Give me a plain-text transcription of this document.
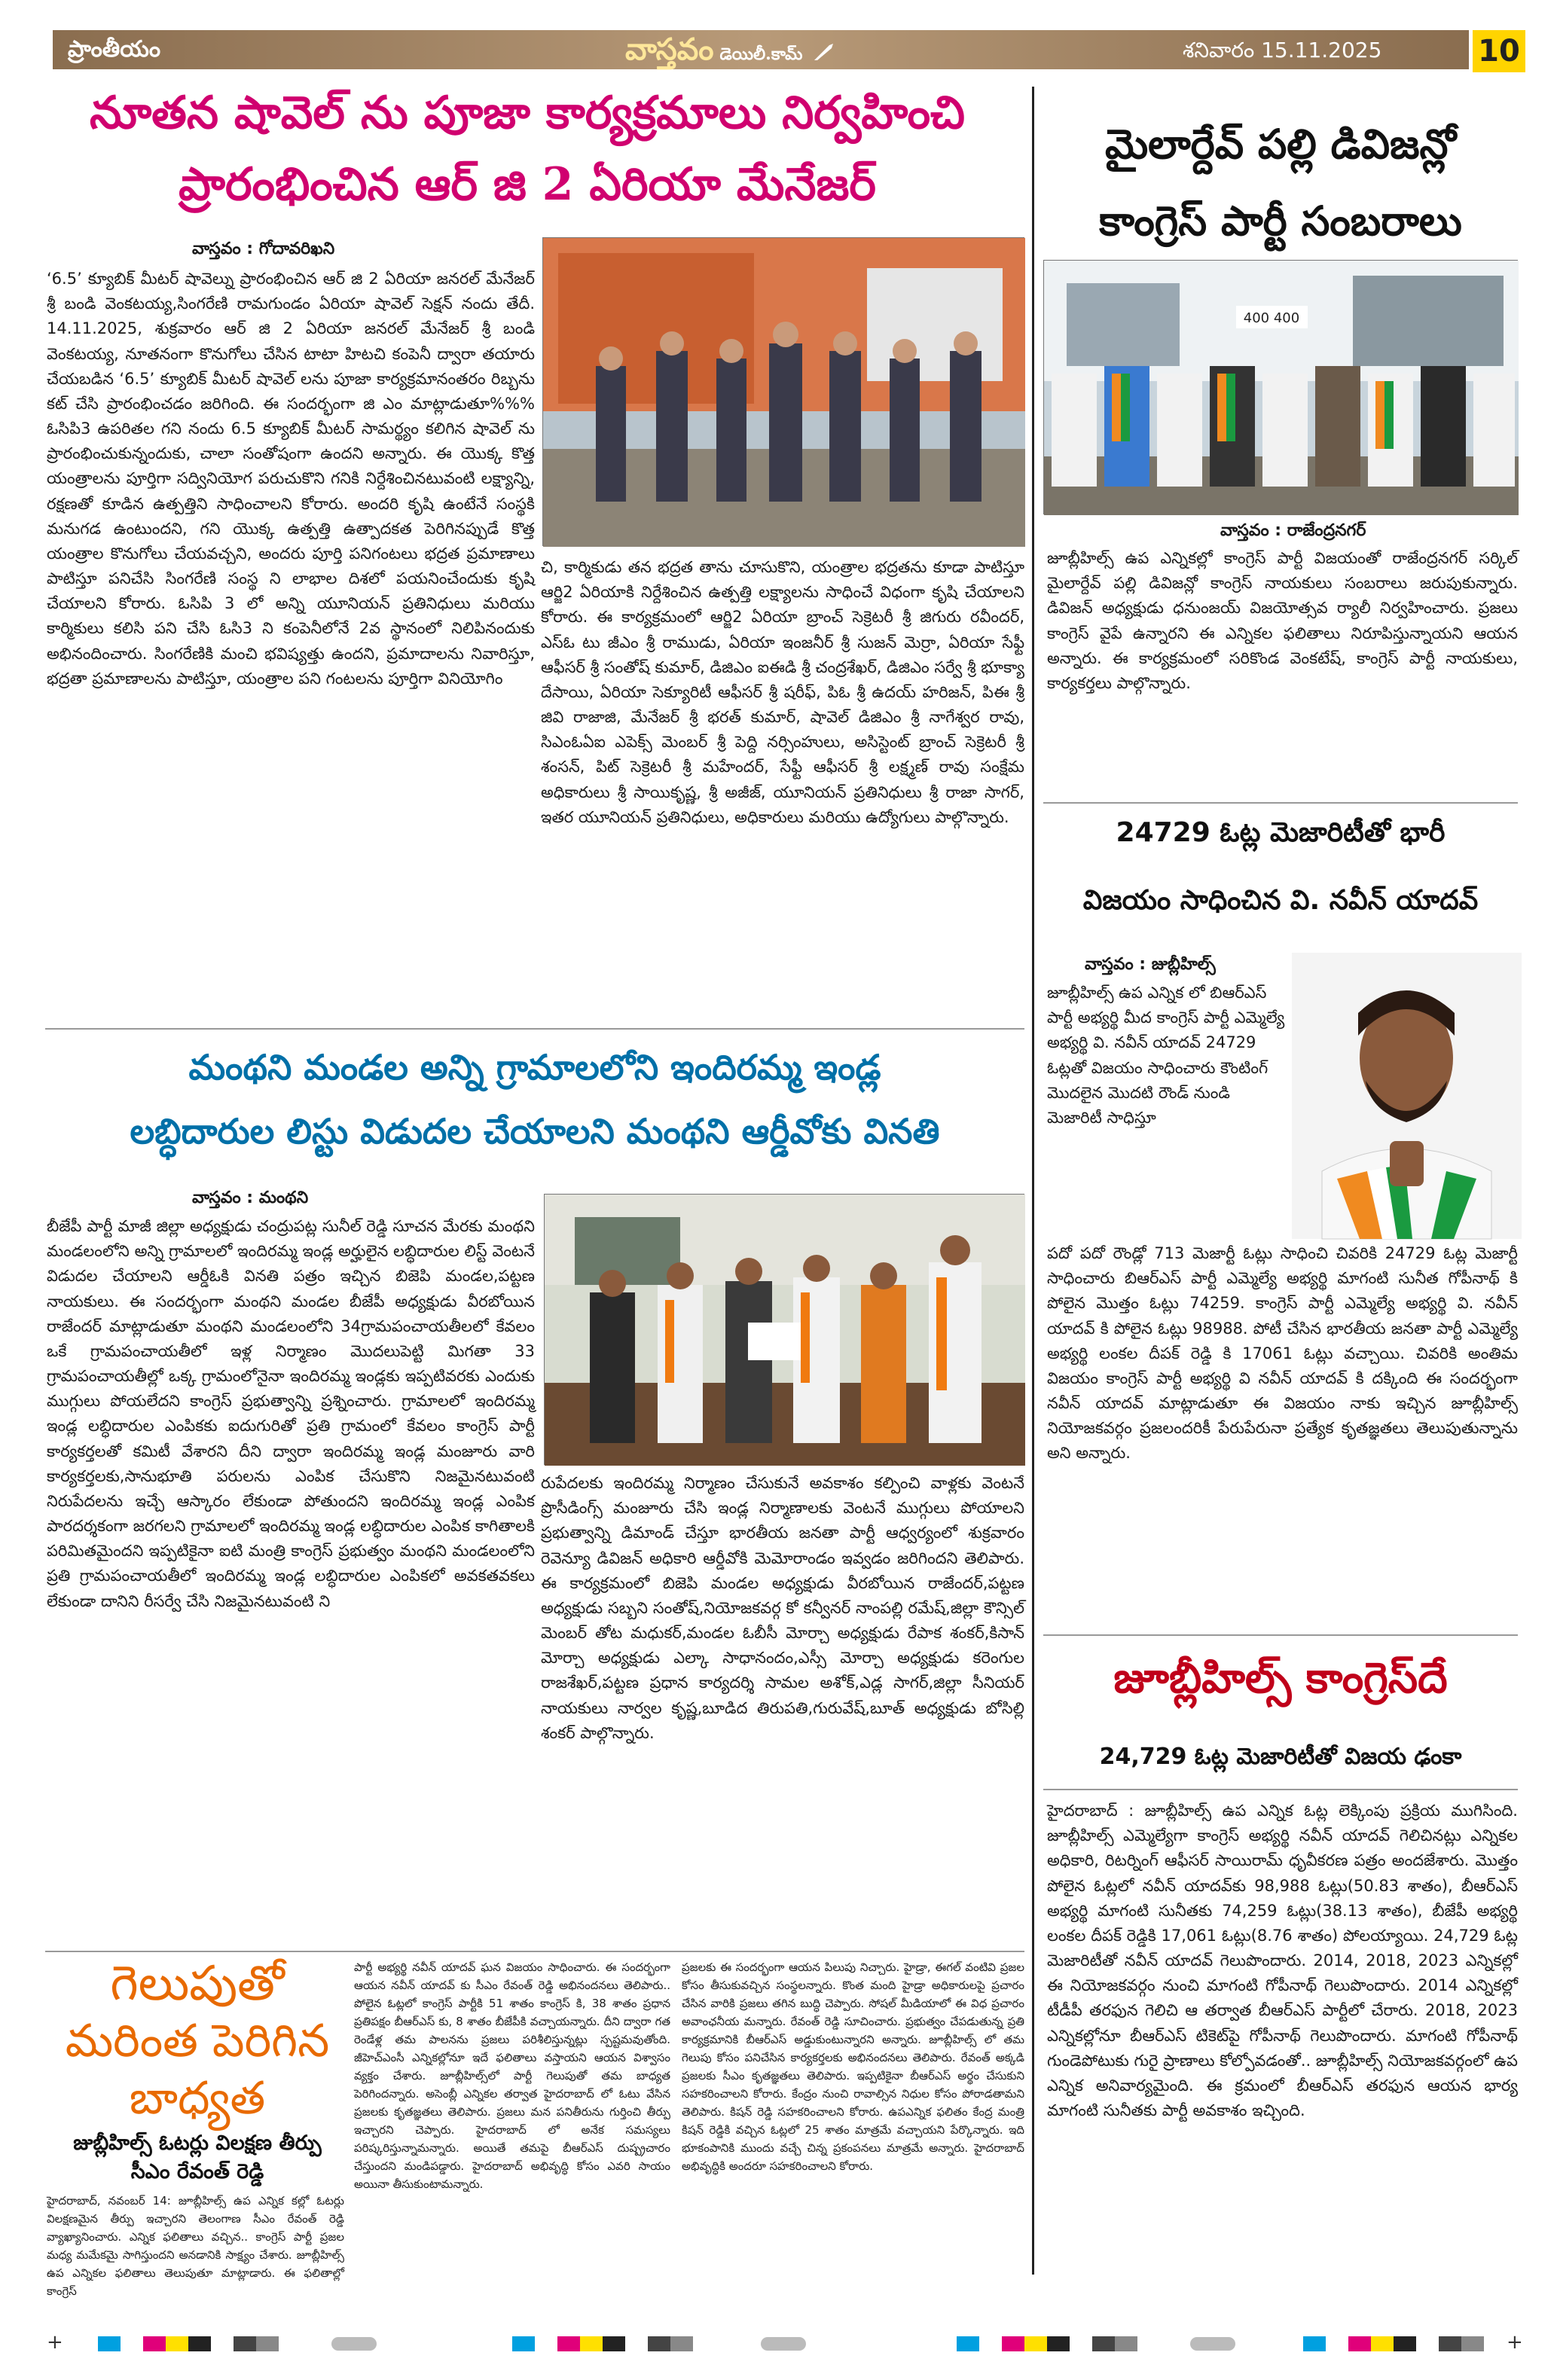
ప్రాంతీయం	వాస్తవం డెయిలీ.కామ్	శనివారం 15.11.2025	10
నూతన షావెల్ ను పూజా కార్యక్రమాలు నిర్వహించి
ప్రారంభించిన ఆర్ జి 2 ఏరియా మేనేజర్
వాస్తవం : గోదావరిఖని
‘6.5’ క్యూబిక్ మీటర్ షావెల్ను ప్రారంభించిన ఆర్ జి 2 ఏరియా జనరల్ మేనేజర్ శ్రీ బండి వెంకటయ్య,సింగరేణి రామగుండం ఏరియా షావెల్ సెక్షన్ నందు తేదీ. 14.11.2025, శుక్రవారం ఆర్ జి 2 ఏరియా జనరల్ మేనేజర్ శ్రీ బండి వెంకటయ్య, నూతనంగా కొనుగోలు చేసిన టాటా హిటచి కంపెనీ ద్వారా తయారు చేయబడిన ‘6.5’ క్యూబిక్ మీటర్ షావెల్ లను పూజా కార్యక్రమానంతరం రిబ్బను కట్ చేసి ప్రారంభించడం జరిగింది. ఈ సందర్భంగా జి ఎం మాట్లాడుతూ%%% ఓసిపి3 ఉపరితల గని నందు 6.5 క్యూబిక్ మీటర్ సామర్థ్యం కలిగిన షావెల్ ను ప్రారంభించుకున్నందుకు, చాలా సంతోషంగా ఉందని అన్నారు. ఈ యొక్క కొత్త యంత్రాలను పూర్తిగా సద్వినియోగ పరుచుకొని గనికి నిర్దేశించినటువంటి లక్ష్యాన్ని, రక్షణతో కూడిన ఉత్పత్తిని సాధించాలని కోరారు. అందరి కృషి ఉంటేనే సంస్థకి మనుగడ ఉంటుందని, గని యొక్క ఉత్పత్తి ఉత్పాదకత పెరిగినప్పుడే కొత్త యంత్రాల కొనుగోలు చేయవచ్చని, అందరు పూర్తి పనిగంటలు భద్రత ప్రమాణాలు పాటిస్తూ పనిచేసి సింగరేణి సంస్థ ని లాభాల దిశలో పయనించేందుకు కృషి చేయాలని కోరారు. ఓసిపి 3 లో అన్ని యూనియన్ ప్రతినిధులు మరియు కార్మికులు కలిసి పని చేసి ఓసి3 ని కంపెనీలోనే 2వ స్థానంలో నిలిపినందుకు అభినందించారు. సింగరేణికి మంచి భవిష్యత్తు ఉందని, ప్రమాదాలను నివారిస్తూ, భద్రతా ప్రమాణాలను పాటిస్తూ, యంత్రాల పని గంటలను పూర్తిగా వినియోగిం
చి, కార్మికుడు తన భద్రత తాను చూసుకొని, యంత్రాల భద్రతను కూడా పాటిస్తూ ఆర్జి2 ఏరియాకి నిర్దేశించిన ఉత్పత్తి లక్ష్యాలను సాధించే విధంగా కృషి చేయాలని కోరారు. ఈ కార్యక్రమంలో ఆర్జి2 ఏరియా బ్రాంచ్ సెక్రెటరీ శ్రీ జిగురు రవీందర్, ఎస్ఓ టు జీఎం శ్రీ రాముడు, ఏరియా ఇంజనీర్ శ్రీ సుజన్ మెర్రా, ఏరియా సేఫ్టీ ఆఫీసర్ శ్రీ సంతోష్ కుమార్, డిజిఎం ఐఈడి శ్రీ చంద్రశేఖర్, డిజిఎం సర్వే శ్రీ భూక్యా దేసాయి, ఏరియా సెక్యూరిటీ ఆఫీసర్ శ్రీ షరీఫ్, పిఓ శ్రీ ఉదయ్ హరిజన్, పిఈ శ్రీ జివి రాజాజి, మేనేజర్ శ్రీ భరత్ కుమార్, షావెల్ డిజిఎం శ్రీ నాగేశ్వర రావు, సిఎంఓఏఐ ఎపెక్స్ మెంబర్ శ్రీ పెద్ది నర్సింహులు, అసిస్టెంట్ బ్రాంచ్ సెక్రెటరీ శ్రీ శంసన్, పిట్ సెక్రెటరీ శ్రీ మహేందర్, సేఫ్టీ ఆఫీసర్ శ్రీ లక్ష్మణ్ రావు సంక్షేమ అధికారులు శ్రీ సాయికృష్ణ, శ్రీ అజీజ్, యూనియన్ ప్రతినిధులు శ్రీ రాజా సాగర్, ఇతర యూనియన్ ప్రతినిధులు, అధికారులు మరియు ఉద్యోగులు పాల్గొన్నారు.
మైలార్దేవ్ పల్లి డివిజన్లో
కాంగ్రెస్ పార్టీ సంబరాలు
400 400
వాస్తవం : రాజేంద్రనగర్
జూబ్లీహిల్స్ ఉప ఎన్నికల్లో కాంగ్రెస్ పార్టీ విజయంతో రాజేంద్రనగర్ సర్కిల్ మైలార్దేవ్ పల్లి డివిజన్లో కాంగ్రెస్ నాయకులు సంబరాలు జరుపుకున్నారు. డివిజన్ అధ్యక్షుడు ధనుంజయ్ విజయోత్సవ ర్యాలీ నిర్వహించారు. ప్రజలు కాంగ్రెస్ వైపే ఉన్నారని ఈ ఎన్నికల ఫలితాలు నిరూపిస్తున్నాయని ఆయన అన్నారు. ఈ కార్యక్రమంలో సరికొండ వెంకటేష్, కాంగ్రెస్ పార్టీ నాయకులు, కార్యకర్తలు పాల్గొన్నారు.
24729 ఓట్ల మెజారిటీతో భారీ
విజయం సాధించిన వి. నవీన్ యాదవ్
వాస్తవం : జుబ్లీహిల్స్
జూబ్లీహిల్స్ ఉప ఎన్నిక లో బిఆర్ఎస్ పార్టీ అభ్యర్థి మీద కాంగ్రెస్ పార్టీ ఎమ్మెల్యే అభ్యర్థి వి. నవీన్ యాదవ్ 24729 ఓట్లతో విజయం సాధించారు కౌంటింగ్ మొదలైన మొదటి రౌండ్ నుండి మెజారిటీ సాధిస్తూ
పదో పదో రౌండ్లో 713 మెజార్టీ ఓట్లు సాధించి చివరికి 24729 ఓట్ల మెజార్టీ సాధించారు బిఆర్ఎస్ పార్టీ ఎమ్మెల్యే అభ్యర్థి మాగంటి సునీత గోపీనాథ్ కి పోలైన మొత్తం ఓట్లు 74259. కాంగ్రెస్ పార్టీ ఎమ్మెల్యే అభ్యర్థి వి. నవీన్ యాదవ్ కి పోలైన ఓట్లు 98988. పోటీ చేసిన భారతీయ జనతా పార్టీ ఎమ్మెల్యే అభ్యర్థి లంకల దీపక్ రెడ్డి కి 17061 ఓట్లు వచ్చాయి. చివరికి అంతిమ విజయం కాంగ్రెస్ పార్టీ అభ్యర్థి వి నవీన్ యాదవ్ కి దక్కింది ఈ సందర్భంగా నవీన్ యాదవ్ మాట్లాడుతూ ఈ విజయం నాకు ఇచ్చిన జూబ్లీహిల్స్ నియోజకవర్గం ప్రజలందరికీ పేరుపేరునా ప్రత్యేక కృతజ్ఞతలు తెలుపుతున్నాను అని అన్నారు.
మంథని మండల అన్ని గ్రామాలలోని ఇందిరమ్మ ఇండ్ల
లబ్ధిదారుల లిస్టు విడుదల చేయాలని మంథని ఆర్డీవోకు వినతి
వాస్తవం : మంథని
బీజేపీ పార్టీ మాజీ జిల్లా అధ్యక్షుడు చంద్రుపట్ల సునీల్ రెడ్డి సూచన మేరకు మంథని మండలంలోని అన్ని గ్రామాలలో ఇందిరమ్మ ఇండ్ల అర్హులైన లబ్ధిదారుల లిస్ట్ వెంటనే విడుదల చేయాలని ఆర్డీఓకి వినతి పత్రం ఇచ్చిన బిజెపి మండల,పట్టణ నాయకులు. ఈ సందర్భంగా మంథని మండల బీజేపీ అధ్యక్షుడు వీరబోయిన రాజేందర్ మాట్లాడుతూ మంథని మండలంలోని 34గ్రామపంచాయతీలలో కేవలం ఒకే గ్రామపంచాయతీలో ఇళ్ల నిర్మాణం మొదలుపెట్టి మిగతా 33 గ్రామపంచాయతీల్లో ఒక్క గ్రామంలోనైనా ఇందిరమ్మ ఇండ్లకు ఇప్పటివరకు ఎందుకు ముగ్గులు పోయలేదని కాంగ్రెస్ ప్రభుత్వాన్ని ప్రశ్నించారు. గ్రామాలలో ఇందిరమ్మ ఇండ్ల లబ్ధిదారుల ఎంపికకు ఐదుగురితో ప్రతి గ్రామంలో కేవలం కాంగ్రెస్ పార్టీ కార్యకర్తలతో కమిటీ వేశారని దీని ద్వారా ఇందిరమ్మ ఇండ్ల మంజూరు వారి కార్యకర్తలకు,సానుభూతి పరులను ఎంపిక చేసుకొని నిజమైనటువంటి నిరుపేదలను ఇచ్చే ఆస్కారం లేకుండా పోతుందని ఇందిరమ్మ ఇండ్ల ఎంపిక పారదర్శకంగా జరగలని గ్రామాలలో ఇందిరమ్మ ఇండ్ల లబ్ధిదారుల ఎంపిక కాగితాలకి పరిమితమైందని ఇప్పటికైనా ఐటి మంత్రి కాంగ్రెస్ ప్రభుత్వం మంథని మండలంలోని ప్రతి గ్రామపంచాయతీలో ఇందిరమ్మ ఇండ్ల లబ్ధిదారుల ఎంపికలో అవకతవకలు లేకుండా దానిని రీసర్వే చేసి నిజమైనటువంటి ని
రుపేదలకు ఇందిరమ్మ నిర్మాణం చేసుకునే అవకాశం కల్పించి వాళ్లకు వెంటనే ప్రొసీడింగ్స్ మంజూరు చేసి ఇండ్ల నిర్మాణాలకు వెంటనే ముగ్గులు పోయాలని ప్రభుత్వాన్ని డిమాండ్ చేస్తూ భారతీయ జనతా పార్టీ ఆధ్వర్యంలో శుక్రవారం రెవెన్యూ డివిజన్ అధికారి ఆర్డీవోకి మెమోరాండం ఇవ్వడం జరిగిందని తెలిపారు. ఈ కార్యక్రమంలో బిజెపి మండల అధ్యక్షుడు వీరబోయిన రాజేందర్,పట్టణ అధ్యక్షుడు సబ్బని సంతోష్,నియోజకవర్గ కో కన్వీనర్ నాంపల్లి రమేష్,జిల్లా కౌన్సిల్ మెంబర్ తోట మధుకర్,మండల ఓబీసీ మోర్చా అధ్యక్షుడు రేపాక శంకర్,కిసాన్ మోర్చా అధ్యక్షుడు ఎల్కా సాధానందం,ఎస్సీ మోర్చా అధ్యక్షుడు కరెంగుల రాజశేఖర్,పట్టణ ప్రధాన కార్యదర్శి సామల అశోక్,ఎడ్ల సాగర్,జిల్లా సీనియర్ నాయకులు నార్వల కృష్ణ,బూడిద తిరుపతి,గురువేష్,బూత్ అధ్యక్షుడు బోసిల్లి శంకర్ పాల్గొన్నారు.
జూబ్లీహిల్స్ కాంగ్రెస్‌దే
24,729 ఓట్ల మెజారిటీతో విజయ ఢంకా
హైదరాబాద్ : జూబ్లీహిల్స్ ఉప ఎన్నిక ఓట్ల లెక్కింపు ప్రక్రియ ముగిసింది. జూబ్లీహిల్స్ ఎమ్మెల్యేగా కాంగ్రెస్ అభ్యర్థి నవీన్ యాదవ్ గెలిచినట్లు ఎన్నికల అధికారి, రిటర్నింగ్ ఆఫీసర్ సాయిరామ్ ధృవీకరణ పత్రం అందజేశారు. మొత్తం పోలైన ఓట్లలో నవీన్ యాదవ్‌కు 98,988 ఓట్లు(50.83 శాతం), బీఆర్ఎస్ అభ్యర్థి మాగంటి సునీతకు 74,259 ఓట్లు(38.13 శాతం), బీజేపీ అభ్యర్థి లంకల దీపక్ రెడ్డికి 17,061 ఓట్లు(8.76 శాతం) పోలయ్యాయి. 24,729 ఓట్ల మెజారిటీతో నవీన్ యాదవ్ గెలుపొందారు. 2014, 2018, 2023 ఎన్నికల్లో ఈ నియోజకవర్గం నుంచి మాగంటి గోపీనాథ్ గెలుపొందారు. 2014 ఎన్నికల్లో టీడీపీ తరఫున గెలిచి ఆ తర్వాత బీఆర్ఎస్ పార్టీలో చేరారు. 2018, 2023 ఎన్నికల్లోనూ బీఆర్ఎస్ టికెట్‌పై గోపీనాథ్ గెలుపొందారు. మాగంటి గోపీనాథ్ గుండెపోటుకు గురై ప్రాణాలు కోల్పోవడంతో.. జూబ్లీహిల్స్ నియోజకవర్గంలో ఉప ఎన్నిక అనివార్యమైంది. ఈ క్రమంలో బీఆర్ఎస్ తరఫున ఆయన భార్య మాగంటి సునీతకు పార్టీ అవకాశం ఇచ్చింది.
గెలుపుతో
మరింత పెరిగిన
బాధ్యత
జుబ్లీహిల్స్ ఓటర్లు విలక్షణ తీర్పు
సీఎం రేవంత్ రెడ్డి
హైదరాబాద్, నవంబర్ 14: జూబ్లీహిల్స్ ఉప ఎన్నిక కల్లో ఓటర్లు విలక్షణమైన తీర్పు ఇచ్చారని తెలంగాణ సీఎం రేవంత్ రెడ్డి వ్యాఖ్యానించారు. ఎన్నిక ఫలితాలు వచ్చిన.. కాంగ్రెస్ పార్టీ ప్రజల మధ్య మమేకమై సాగిస్తుందని అనడానికి సాక్ష్యం చేశారు. జూబ్లీహిల్స్ ఉప ఎన్నికల ఫలితాలు తెలుపుతూ మాట్లాడారు. ఈ ఫలితాల్లో కాంగ్రెస్
పార్టీ అభ్యర్థి నవీన్ యాదవ్ ఘన విజయం సాధించారు. ఈ సందర్భంగా ఆయన నవీన్ యాదవ్ కు సీఎం రేవంత్ రెడ్డి అభినందనలు తెలిపారు.. పోలైన ఓట్లలో కాంగ్రెస్ పార్టీకి 51 శాతం కాంగ్రెస్ కి, 38 శాతం ప్రధాన ప్రతిపక్షం బీఆర్ఎస్ కు, 8 శాతం బీజేపీకి వచ్చాయన్నారు. దీని ద్వారా గత రెండేళ్ల తమ పాలనను ప్రజలు పరిశీలిస్తున్నట్లు స్పష్టమవుతోంది. జీహెచ్ఎంసీ ఎన్నికల్లోనూ ఇదే ఫలితాలు వస్తాయని ఆయన విశ్వాసం వ్యక్తం చేశారు. జూబ్లీహిల్స్‌లో పార్టీ గెలుపుతో తమ బాధ్యత పెరిగిందన్నారు. అసెంబ్లీ ఎన్నికల తర్వాత హైదరాబాద్ లో ఓటు వేసిన ప్రజలకు కృతజ్ఞతలు తెలిపారు. ప్రజలు మన పనితీరును గుర్తించి తీర్పు ఇచ్చారని చెప్పారు. హైదరాబాద్ లో అనేక సమస్యలు పరిష్కరిస్తున్నామన్నారు. అయితే తమపై బీఆర్ఎస్ దుష్ప్రచారం చేస్తుందని మండిపడ్డారు. హైదరాబాద్ అభివృద్ధి కోసం ఎవరి సాయం అయినా తీసుకుంటామన్నారు.
ప్రజలకు ఈ సందర్భంగా ఆయన పిలుపు నిచ్చారు. హైడ్రా, ఈగల్ వంటివి ప్రజల కోసం తీసుకువచ్చిన సంస్థలన్నారు. కొంత మంది హైడ్రా అధికారులపై ప్రచారం చేసిన వారికి ప్రజలు తగిన బుద్ధి చెప్పారు. సోషల్ మీడియాలో ఈ విధ ప్రచారం అవాంఛనీయ మన్నారు. రేవంత్ రెడ్డి సూచించారు. ప్రభుత్వం చేపడుతున్న ప్రతి కార్యక్రమానికి బీఆర్ఎస్ అడ్డుకుంటున్నారని అన్నారు. జూబ్లీహిల్స్ లో తమ గెలుపు కోసం పనిచేసిన కార్యకర్తలకు అభినందనలు తెలిపారు. రేవంత్ అక్కడి ప్రజలకు సీఎం కృతజ్ఞతలు తెలిపారు. ఇప్పటికైనా బీఆర్ఎస్ అర్థం చేసుకుని సహకరించాలని కోరారు. కేంద్రం నుంచి రావాల్సిన నిధుల కోసం పోరాడతామని తెలిపారు. కిషన్ రెడ్డి సహకరించాలని కోరారు. ఉపఎన్నిక ఫలితం కేంద్ర మంత్రి కిషన్ రెడ్డికి వచ్చిన ఓట్లలో 25 శాతం మాత్రమే వచ్చాయని పేర్కొన్నారు. ఇది భూకంపానికి ముందు వచ్చే చిన్న ప్రకంపనలు మాత్రమే అన్నారు. హైదరాబాద్ అభివృద్ధికి అందరూ సహకరించాలని కోరారు.
+	+
